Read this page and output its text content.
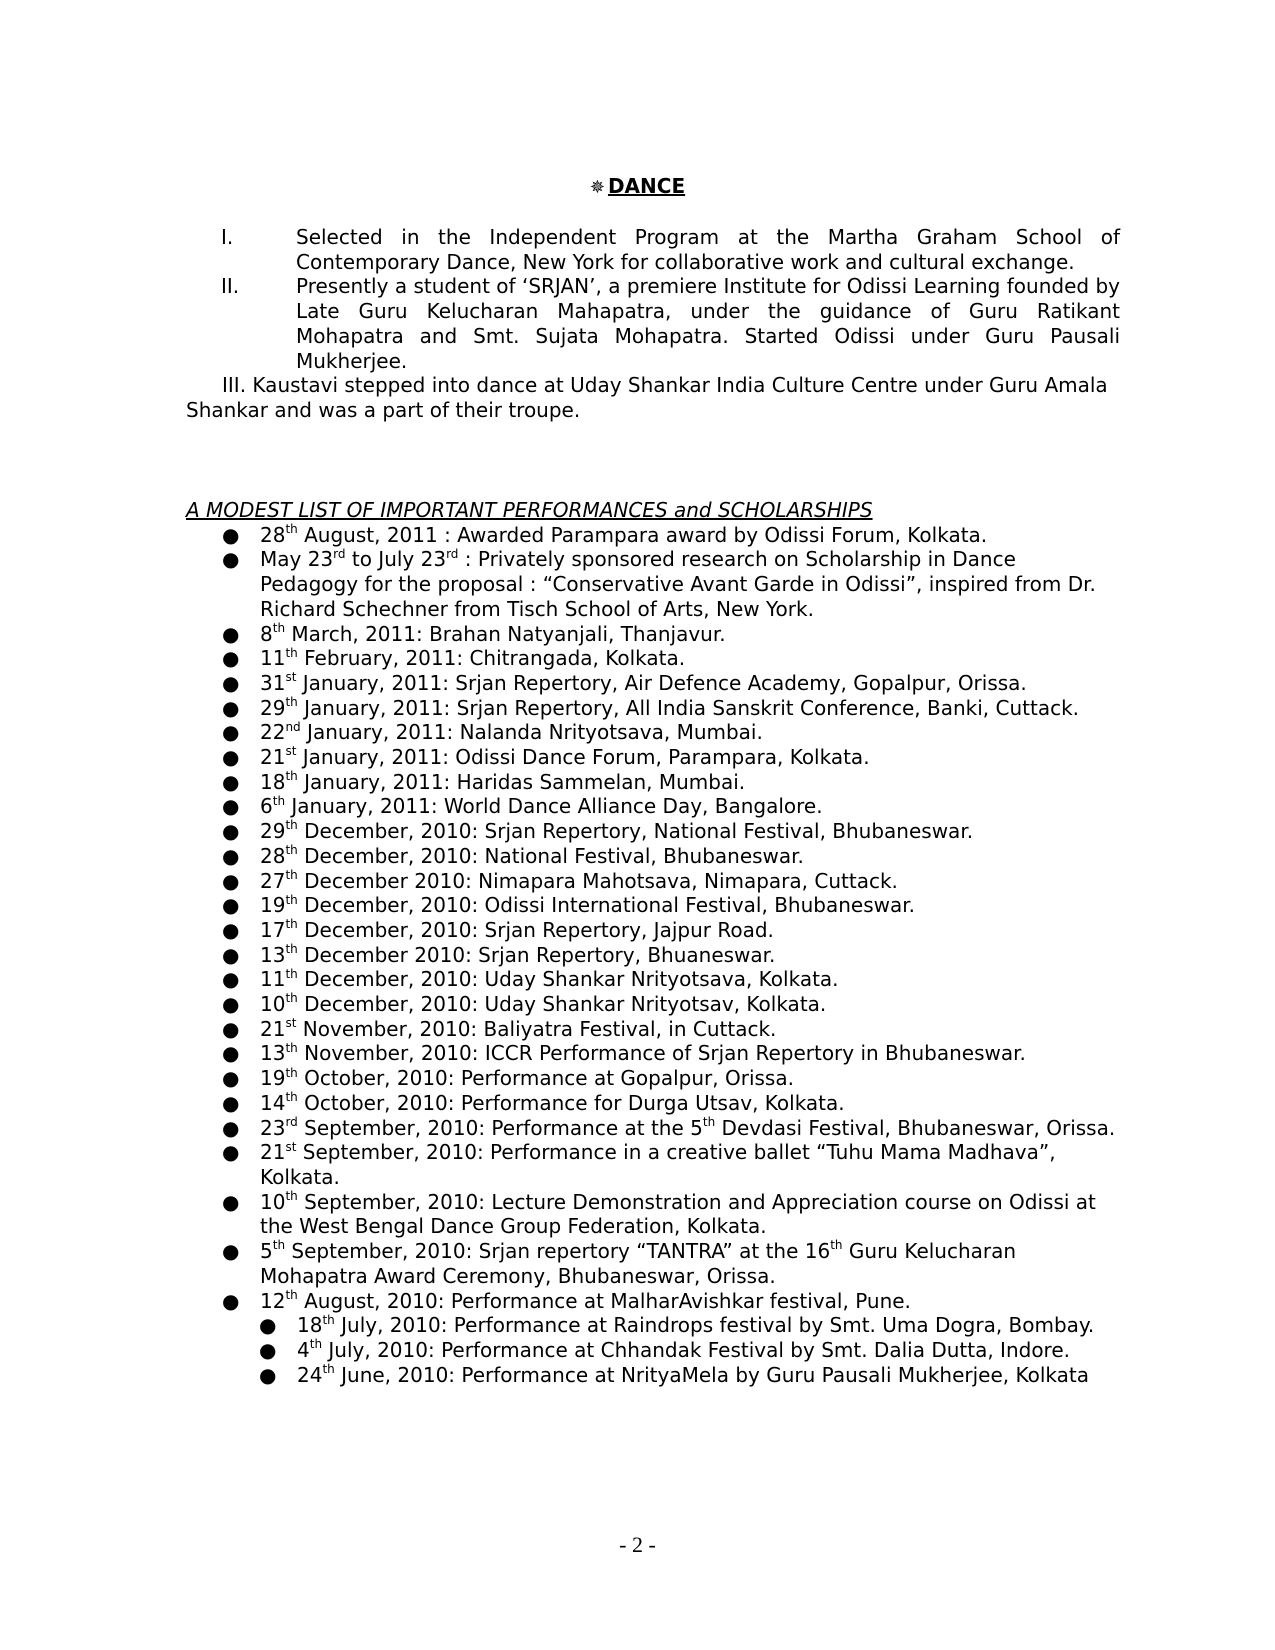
✵ DANCE
I.	Selected in the Independent Program at the Martha Graham School of Contemporary Dance, New York for collaborative work and cultural exchange.
II.	Presently a student of ‘SRJAN’, a premiere Institute for Odissi Learning founded by Late Guru Kelucharan Mahapatra, under the guidance of Guru Ratikant Mohapatra and Smt. Sujata Mohapatra. Started Odissi under Guru Pausali Mukherjee.

III. Kaustavi stepped into dance at Uday Shankar India Culture Centre under Guru Amala Shankar and was a part of their troupe.

A MODEST LIST OF IMPORTANT PERFORMANCES and SCHOLARSHIPS

● 28th August, 2011 : Awarded Parampara award by Odissi Forum, Kolkata.
● May 23rd to July 23rd : Privately sponsored research on Scholarship in Dance Pedagogy for the proposal : “Conservative Avant Garde in Odissi”, inspired from Dr. Richard Schechner from Tisch School of Arts, New York.
● 8th March, 2011: Brahan Natyanjali, Thanjavur.
● 11th February, 2011: Chitrangada, Kolkata.
● 31st January, 2011: Srjan Repertory, Air Defence Academy, Gopalpur, Orissa.
● 29th January, 2011: Srjan Repertory, All India Sanskrit Conference, Banki, Cuttack.
● 22nd January, 2011: Nalanda Nrityotsava, Mumbai.
● 21st January, 2011: Odissi Dance Forum, Parampara, Kolkata.
● 18th January, 2011: Haridas Sammelan, Mumbai.
● 6th January, 2011: World Dance Alliance Day, Bangalore.
● 29th December, 2010: Srjan Repertory, National Festival, Bhubaneswar.
● 28th December, 2010: National Festival, Bhubaneswar.
● 27th December 2010: Nimapara Mahotsava, Nimapara, Cuttack.
● 19th December, 2010: Odissi International Festival, Bhubaneswar.
● 17th December, 2010: Srjan Repertory, Jajpur Road.
● 13th December 2010: Srjan Repertory, Bhuaneswar.
● 11th December, 2010: Uday Shankar Nrityotsava, Kolkata.
● 10th December, 2010: Uday Shankar Nrityotsav, Kolkata.
● 21st November, 2010: Baliyatra Festival, in Cuttack.
● 13th November, 2010: ICCR Performance of Srjan Repertory in Bhubaneswar.
● 19th October, 2010: Performance at Gopalpur, Orissa.
● 14th October, 2010: Performance for Durga Utsav, Kolkata.
● 23rd September, 2010: Performance at the 5th Devdasi Festival, Bhubaneswar, Orissa.
● 21st September, 2010: Performance in a creative ballet “Tuhu Mama Madhava”, Kolkata.
● 10th September, 2010: Lecture Demonstration and Appreciation course on Odissi at the West Bengal Dance Group Federation, Kolkata.
● 5th September, 2010: Srjan repertory “TANTRA” at the 16th Guru Kelucharan Mohapatra Award Ceremony, Bhubaneswar, Orissa.
● 12th August, 2010: Performance at MalharAvishkar festival, Pune.
● 18th July, 2010: Performance at Raindrops festival by Smt. Uma Dogra, Bombay.
● 4th July, 2010: Performance at Chhandak Festival by Smt. Dalia Dutta, Indore.
● 24th June, 2010: Performance at NrityaMela by Guru Pausali Mukherjee, Kolkata
- 2 -
